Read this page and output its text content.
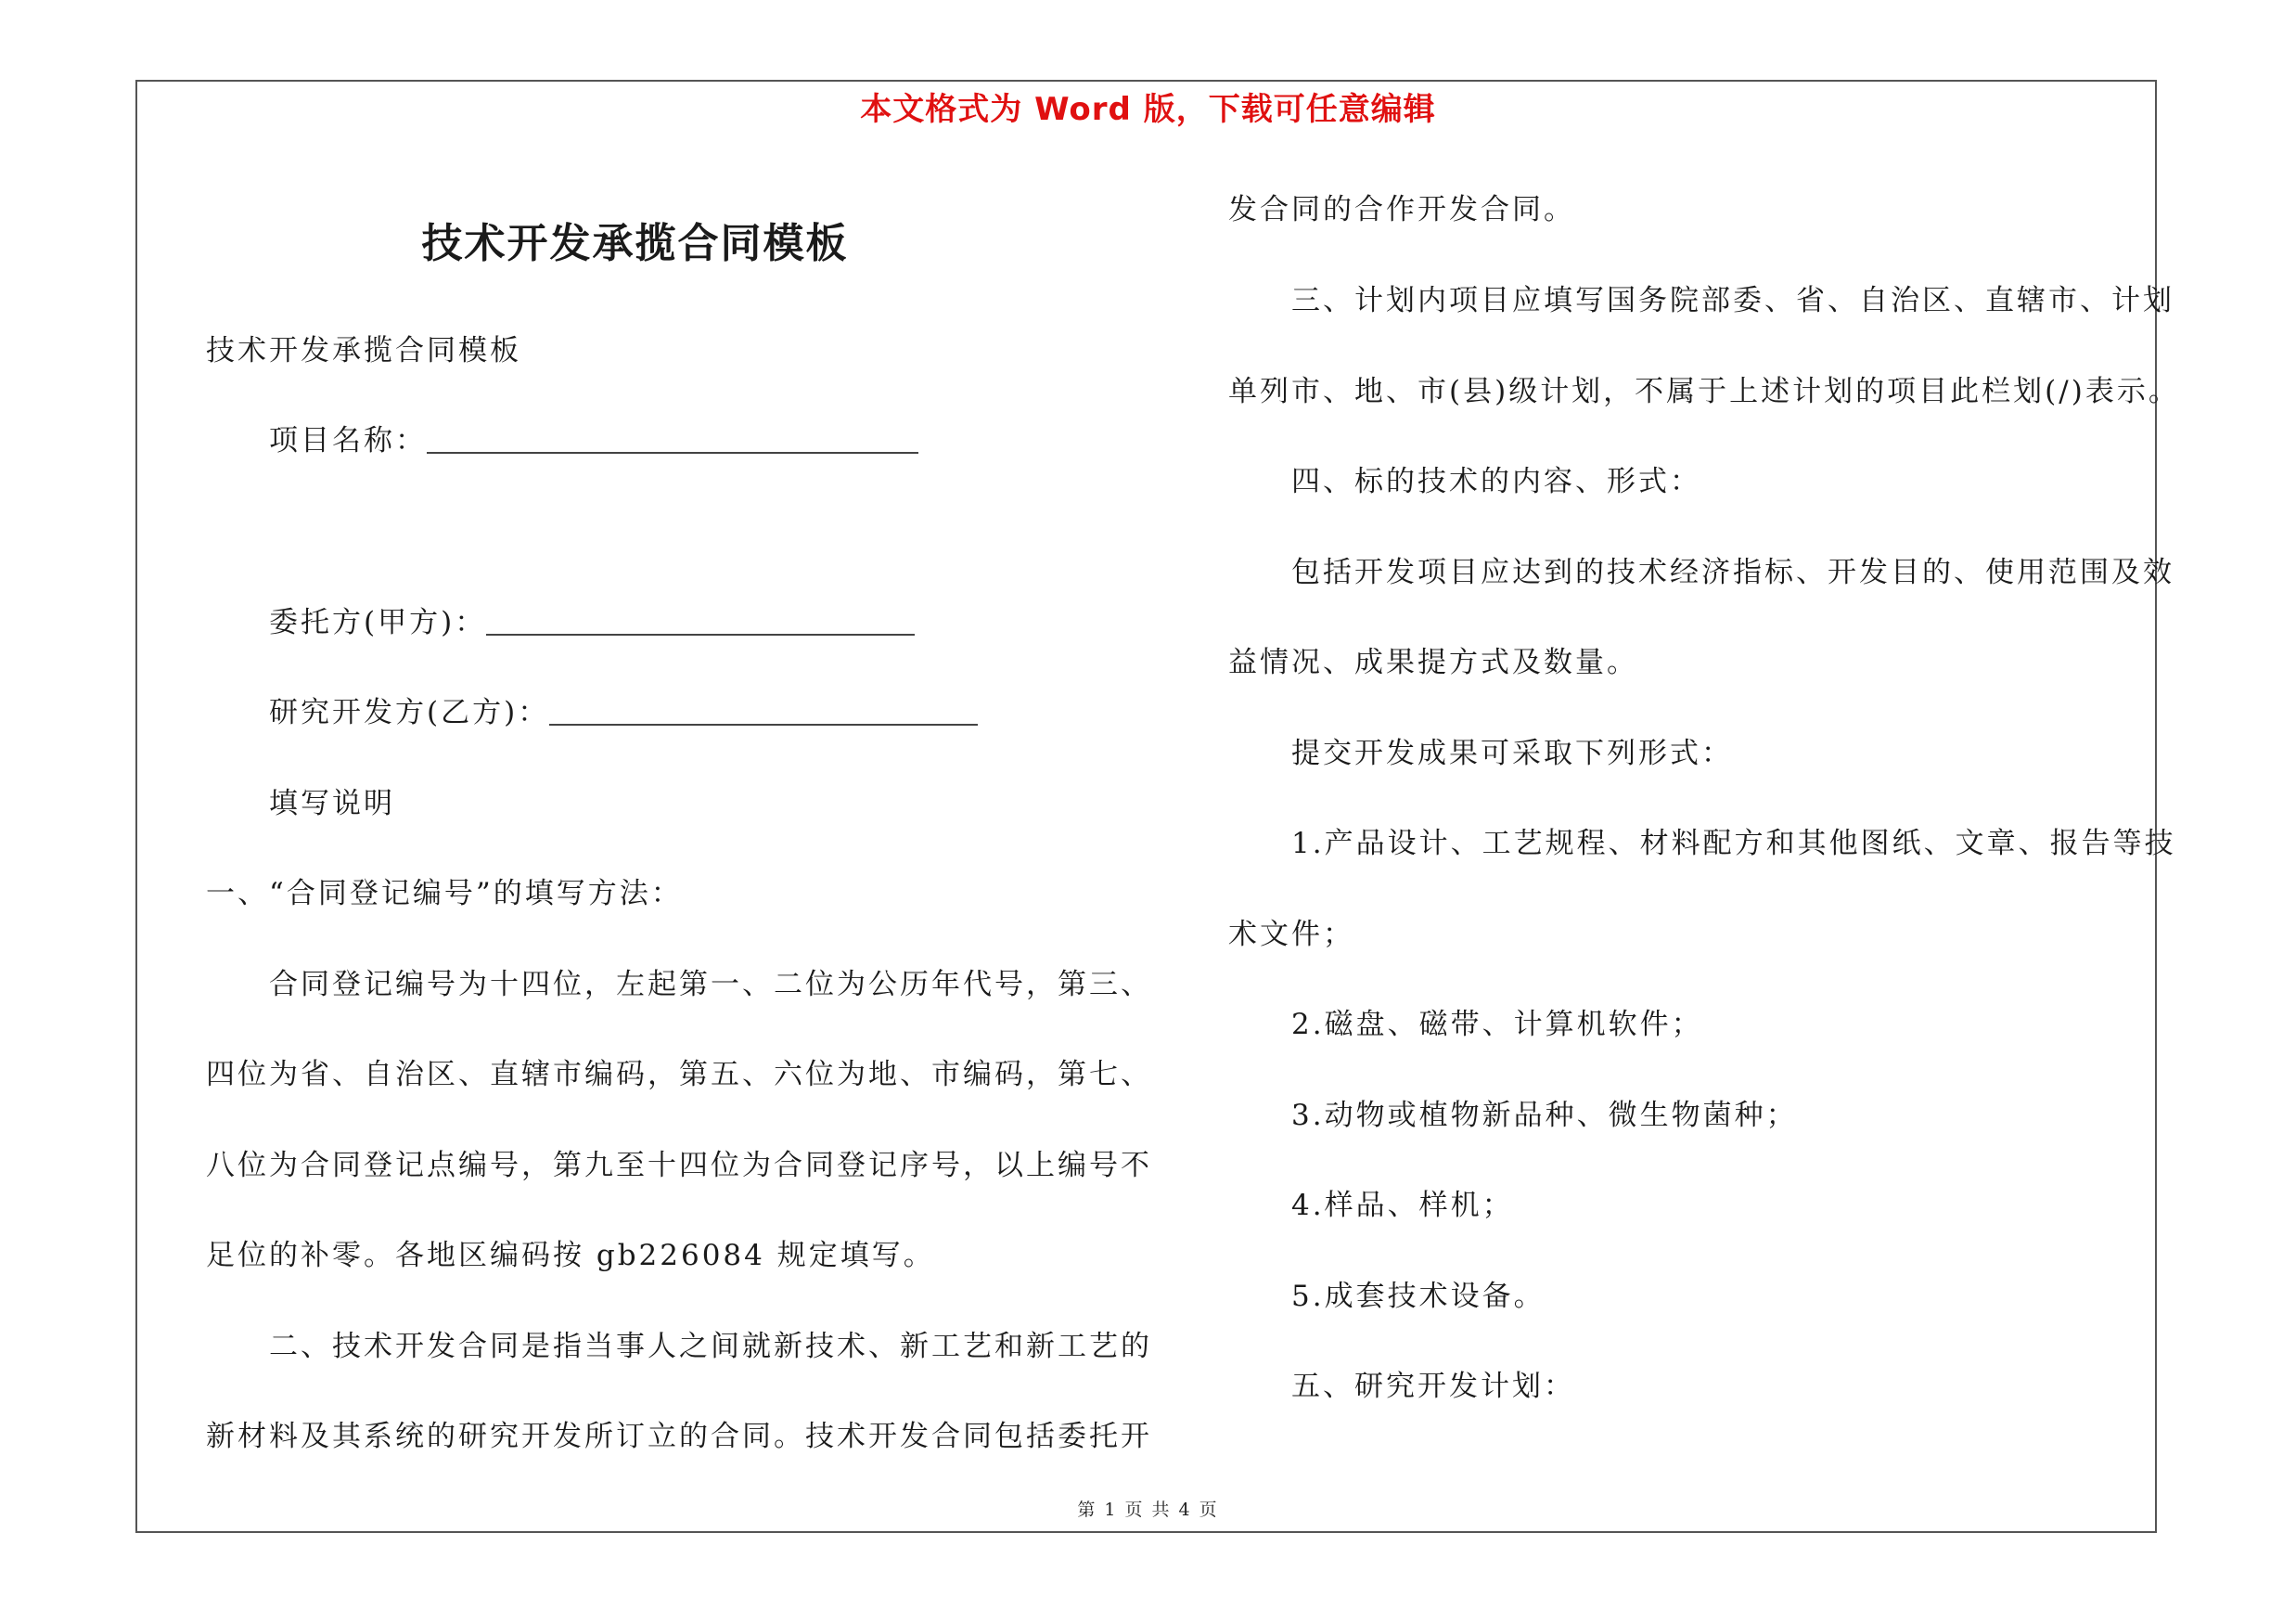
本文格式为 Word 版，下载可任意编辑
技术开发承揽合同模板
技术开发承揽合同模板
项目名称：
委托方(甲方)：
研究开发方(乙方)：
填写说明
一、“合同登记编号”的填写方法：
合同登记编号为十四位，左起第一、二位为公历年代号，第三、
四位为省、自治区、直辖市编码，第五、六位为地、市编码，第七、
八位为合同登记点编号，第九至十四位为合同登记序号，以上编号不
足位的补零。各地区编码按 gb226084 规定填写。
二、技术开发合同是指当事人之间就新技术、新工艺和新工艺的
新材料及其系统的研究开发所订立的合同。技术开发合同包括委托开
发合同的合作开发合同。
三、计划内项目应填写国务院部委、省、自治区、直辖市、计划
单列市、地、市(县)级计划，不属于上述计划的项目此栏划(/)表示。
四、标的技术的内容、形式：
包括开发项目应达到的技术经济指标、开发目的、使用范围及效
益情况、成果提方式及数量。
提交开发成果可采取下列形式：
1.产品设计、工艺规程、材料配方和其他图纸、文章、报告等技
术文件；
2.磁盘、磁带、计算机软件；
3.动物或植物新品种、微生物菌种；
4.样品、样机；
5.成套技术设备。
五、研究开发计划：
第 1 页 共 4 页
